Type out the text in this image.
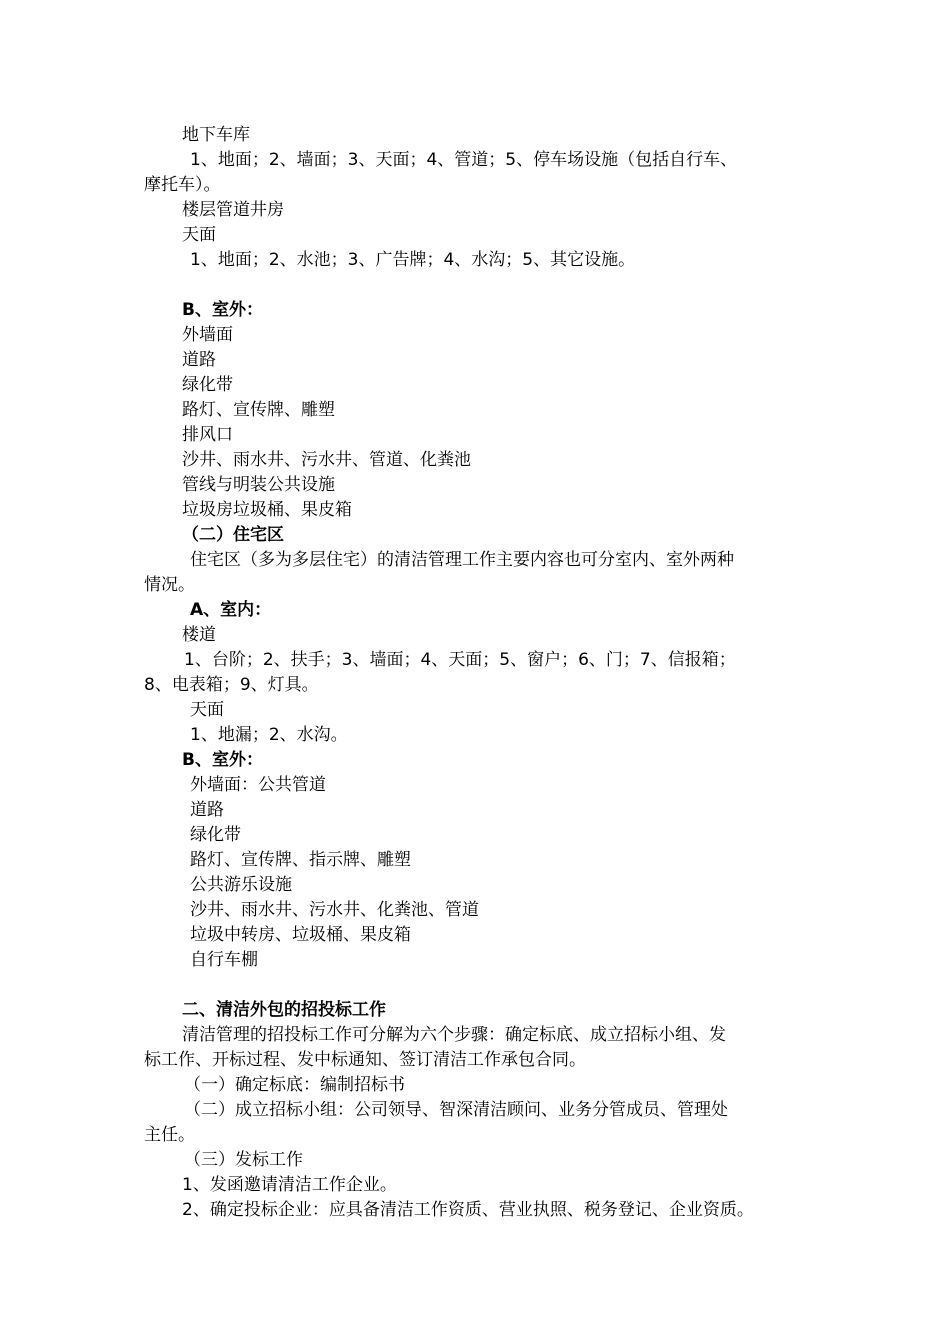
地下车库
1、地面；2、墙面；3、天面；4、管道；5、停车场设施（包括自行车、
摩托车）。
楼层管道井房
天面
1、地面；2、水池；3、广告牌；4、水沟；5、其它设施。
B、室外：
外墙面
道路
绿化带
路灯、宣传牌、雕塑
排风口
沙井、雨水井、污水井、管道、化粪池
管线与明装公共设施
垃圾房垃圾桶、果皮箱
（二）住宅区
住宅区（多为多层住宅）的清洁管理工作主要内容也可分室内、室外两种
情况。
A、室内：
楼道
1、台阶；2、扶手；3、墙面；4、天面；5、窗户；6、门；7、信报箱；
8、电表箱；9、灯具。
天面
1、地漏；2、水沟。
B、室外：
外墙面：公共管道
道路
绿化带
路灯、宣传牌、指示牌、雕塑
公共游乐设施
沙井、雨水井、污水井、化粪池、管道
垃圾中转房、垃圾桶、果皮箱
自行车棚
二、清洁外包的招投标工作
清洁管理的招投标工作可分解为六个步骤：确定标底、成立招标小组、发
标工作、开标过程、发中标通知、签订清洁工作承包合同。
（一）确定标底：编制招标书
（二）成立招标小组：公司领导、智深清洁顾问、业务分管成员、管理处
主任。
（三）发标工作
1、发函邀请清洁工作企业。
2、确定投标企业：应具备清洁工作资质、营业执照、税务登记、企业资质。
